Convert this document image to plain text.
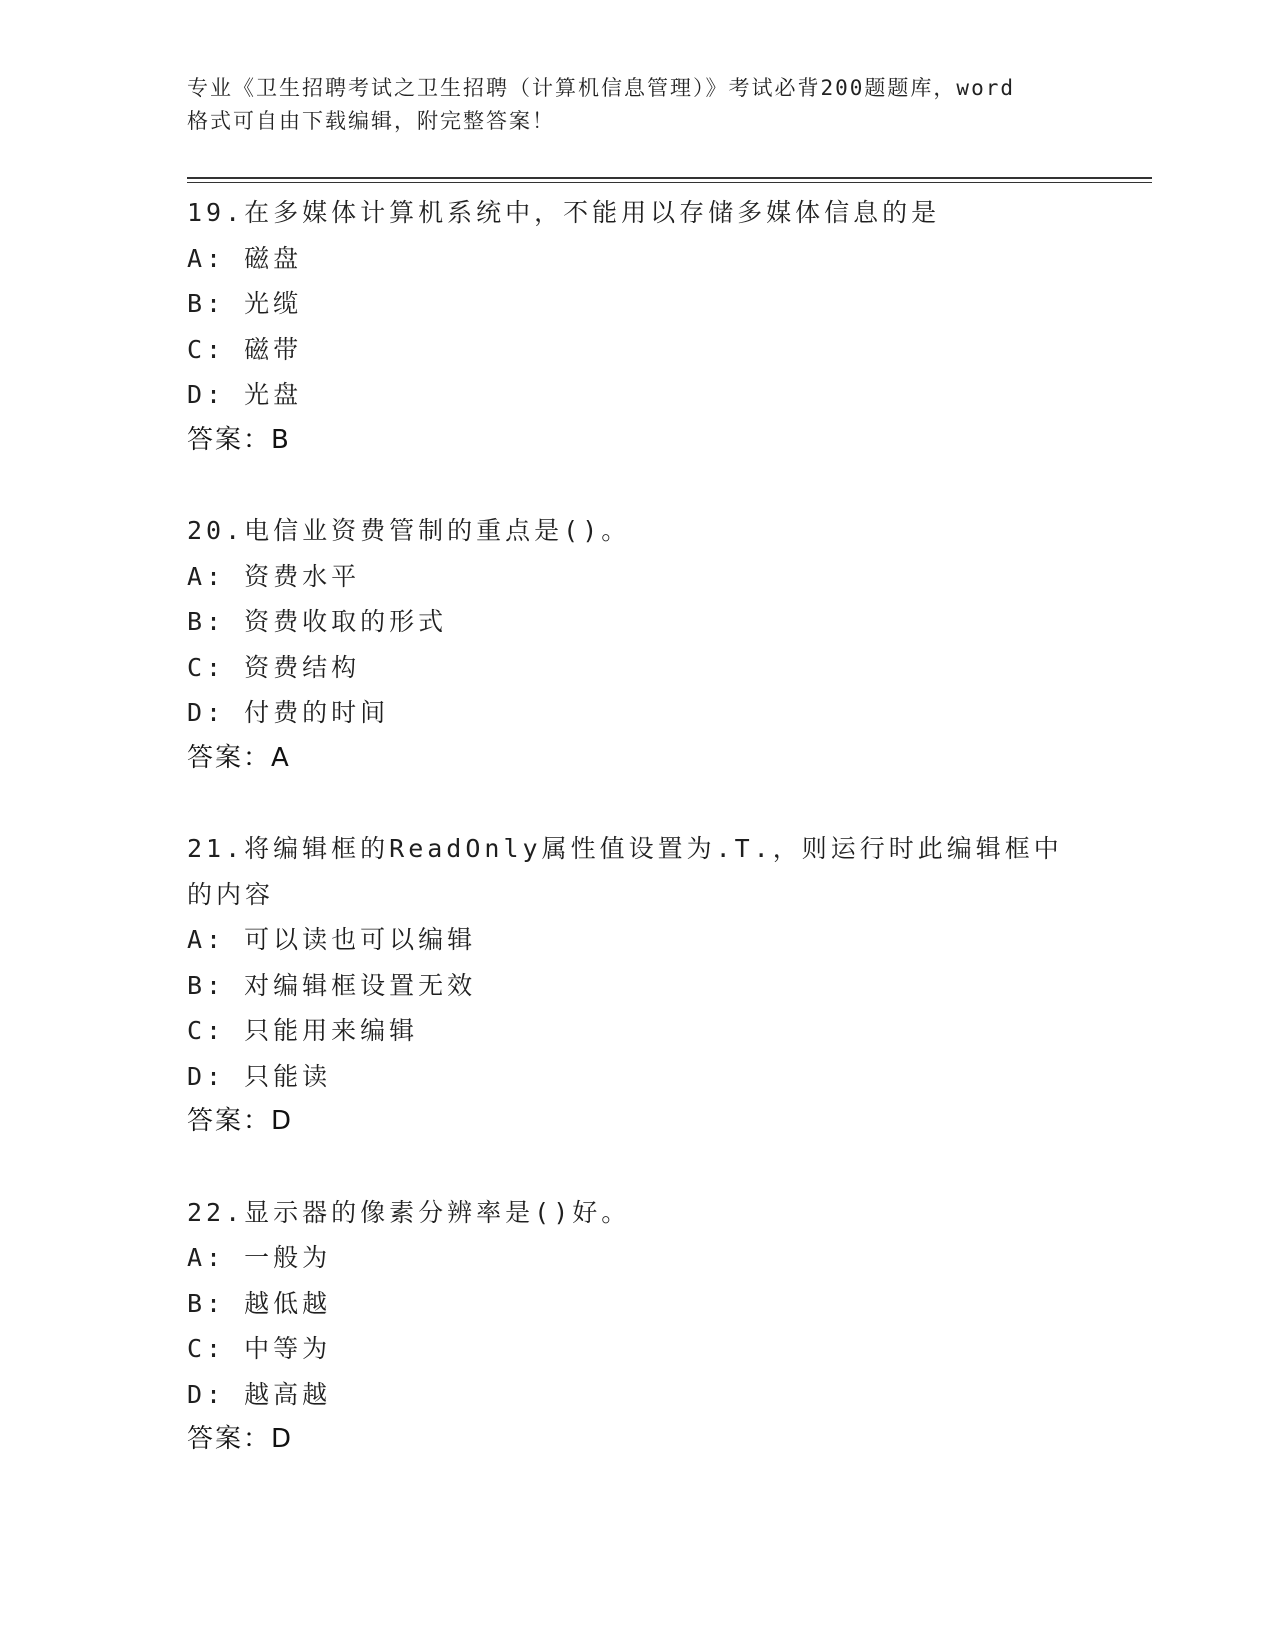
专业《卫生招聘考试之卫生招聘（计算机信息管理）》考试必背200题题库，word
格式可自由下载编辑，附完整答案！
19.在多媒体计算机系统中，不能用以存储多媒体信息的是
A: 磁盘
B: 光缆
C: 磁带
D: 光盘
答案：B
20.电信业资费管制的重点是()。
A: 资费水平
B: 资费收取的形式
C: 资费结构
D: 付费的时间
答案：A
21.将编辑框的ReadOnly属性值设置为.T.，则运行时此编辑框中的内容
A: 可以读也可以编辑
B: 对编辑框设置无效
C: 只能用来编辑
D: 只能读
答案：D
22.显示器的像素分辨率是()好。
A: 一般为
B: 越低越
C: 中等为
D: 越高越
答案：D
